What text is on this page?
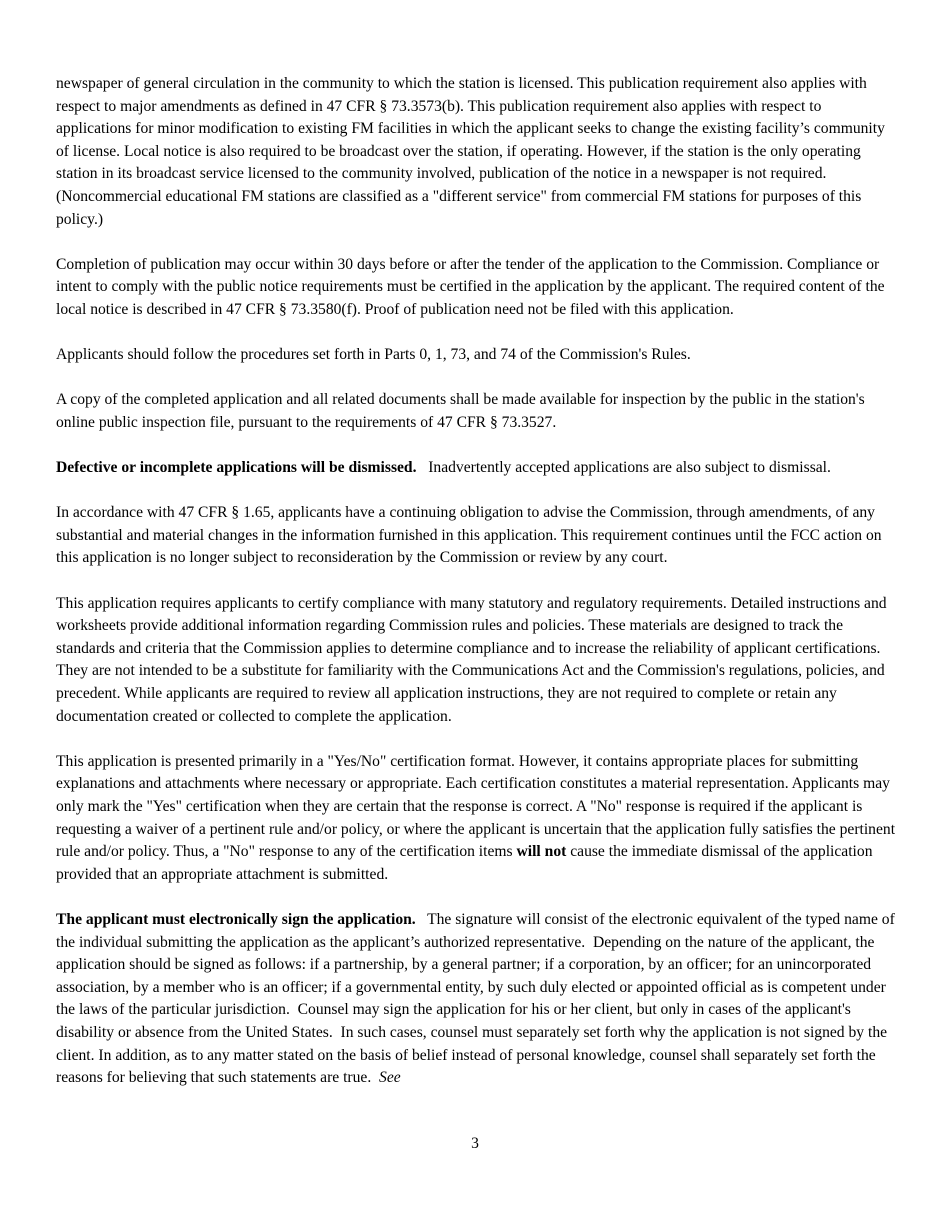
newspaper of general circulation in the community to which the station is licensed. This publication requirement also applies with respect to major amendments as defined in 47 CFR § 73.3573(b). This publication requirement also applies with respect to applications for minor modification to existing FM facilities in which the applicant seeks to change the existing facility’s community of license. Local notice is also required to be broadcast over the station, if operating. However, if the station is the only operating station in its broadcast service licensed to the community involved, publication of the notice in a newspaper is not required. (Noncommercial educational FM stations are classified as a "different service" from commercial FM stations for purposes of this policy.)

Completion of publication may occur within 30 days before or after the tender of the application to the Commission. Compliance or intent to comply with the public notice requirements must be certified in the application by the applicant. The required content of the local notice is described in 47 CFR § 73.3580(f). Proof of publication need not be filed with this application.

Applicants should follow the procedures set forth in Parts 0, 1, 73, and 74 of the Commission's Rules.

A copy of the completed application and all related documents shall be made available for inspection by the public in the station's online public inspection file, pursuant to the requirements of 47 CFR § 73.3527.

Defective or incomplete applications will be dismissed.   Inadvertently accepted applications are also subject to dismissal.

In accordance with 47 CFR § 1.65, applicants have a continuing obligation to advise the Commission, through amendments, of any substantial and material changes in the information furnished in this application. This requirement continues until the FCC action on this application is no longer subject to reconsideration by the Commission or review by any court.

This application requires applicants to certify compliance with many statutory and regulatory requirements. Detailed instructions and worksheets provide additional information regarding Commission rules and policies. These materials are designed to track the standards and criteria that the Commission applies to determine compliance and to increase the reliability of applicant certifications. They are not intended to be a substitute for familiarity with the Communications Act and the Commission's regulations, policies, and precedent. While applicants are required to review all application instructions, they are not required to complete or retain any documentation created or collected to complete the application.

This application is presented primarily in a "Yes/No" certification format. However, it contains appropriate places for submitting explanations and attachments where necessary or appropriate. Each certification constitutes a material representation. Applicants may only mark the "Yes" certification when they are certain that the response is correct. A "No" response is required if the applicant is requesting a waiver of a pertinent rule and/or policy, or where the applicant is uncertain that the application fully satisfies the pertinent rule and/or policy. Thus, a "No" response to any of the certification items will not cause the immediate dismissal of the application provided that an appropriate attachment is submitted.

The applicant must electronically sign the application.   The signature will consist of the electronic equivalent of the typed name of the individual submitting the application as the applicant’s authorized representative.  Depending on the nature of the applicant, the application should be signed as follows: if a partnership, by a general partner; if a corporation, by an officer; for an unincorporated association, by a member who is an officer; if a governmental entity, by such duly elected or appointed official as is competent under the laws of the particular jurisdiction.  Counsel may sign the application for his or her client, but only in cases of the applicant's disability or absence from the United States.  In such cases, counsel must separately set forth why the application is not signed by the client. In addition, as to any matter stated on the basis of belief instead of personal knowledge, counsel shall separately set forth the reasons for believing that such statements are true.  See

3
